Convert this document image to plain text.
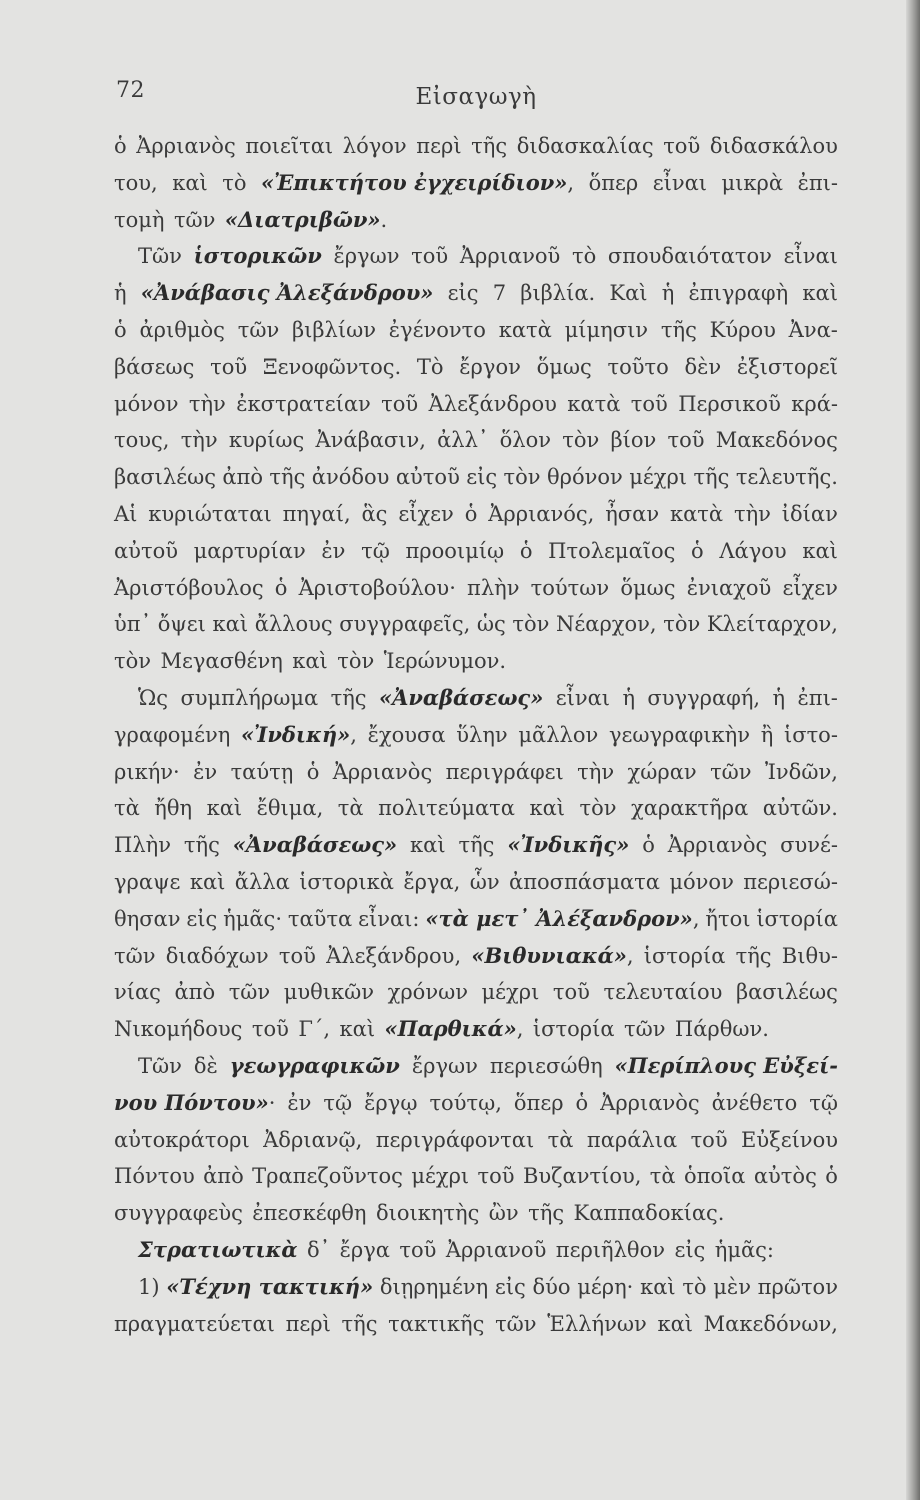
72	Εἰσαγωγὴ
ὁ Ἀρριανὸς ποιεῖται λόγον περὶ τῆς διδασκαλίας τοῦ διδασκάλου
του, καὶ τὸ «Ἐπικτήτου ἐγχειρίδιον», ὅπερ εἶναι μικρὰ ἐπι-
τομὴ τῶν «Διατριβῶν».
Τῶν ἱστορικῶν ἔργων τοῦ Ἀρριανοῦ τὸ σπουδαιότατον εἶναι
ἡ «Ἀνάβασις Ἀλεξάνδρου» εἰς 7 βιβλία. Καὶ ἡ ἐπιγραφὴ καὶ
ὁ ἀριθμὸς τῶν βιβλίων ἐγένοντο κατὰ μίμησιν τῆς Κύρου Ἀνα-
βάσεως τοῦ Ξενοφῶντος. Τὸ ἔργον ὅμως τοῦτο δὲν ἐξιστορεῖ
μόνον τὴν ἐκστρατείαν τοῦ Ἀλεξάνδρου κατὰ τοῦ Περσικοῦ κρά-
τους, τὴν κυρίως Ἀνάβασιν, ἀλλ᾽ ὅλον τὸν βίον τοῦ Μακεδόνος
βασιλέως ἀπὸ τῆς ἀνόδου αὐτοῦ εἰς τὸν θρόνον μέχρι τῆς τελευτῆς.
Αἱ κυριώταται πηγαί, ἃς εἶχεν ὁ Ἀρριανός, ἦσαν κατὰ τὴν ἰδίαν
αὐτοῦ μαρτυρίαν ἐν τῷ προοιμίῳ ὁ Πτολεμαῖος ὁ Λάγου καὶ
Ἀριστόβουλος ὁ Ἀριστοβούλου· πλὴν τούτων ὅμως ἐνιαχοῦ εἶχεν
ὑπ᾽ ὄψει καὶ ἄλλους συγγραφεῖς, ὡς τὸν Νέαρχον, τὸν Κλείταρχον,
τὸν Μεγασθένη καὶ τὸν Ἱερώνυμον.
Ὡς συμπλήρωμα τῆς «Ἀναβάσεως» εἶναι ἡ συγγραφή, ἡ ἐπι-
γραφομένη «Ἰνδική», ἔχουσα ὕλην μᾶλλον γεωγραφικὴν ἢ ἱστο-
ρικήν· ἐν ταύτῃ ὁ Ἀρριανὸς περιγράφει τὴν χώραν τῶν Ἰνδῶν,
τὰ ἤθη καὶ ἔθιμα, τὰ πολιτεύματα καὶ τὸν χαρακτῆρα αὐτῶν.
Πλὴν τῆς «Ἀναβάσεως» καὶ τῆς «Ἰνδικῆς» ὁ Ἀρριανὸς συνέ-
γραψε καὶ ἄλλα ἱστορικὰ ἔργα, ὧν ἀποσπάσματα μόνον περιεσώ-
θησαν εἰς ἡμᾶς· ταῦτα εἶναι: «τὰ μετ᾽ Ἀλέξανδρον», ἤτοι ἱστορία
τῶν διαδόχων τοῦ Ἀλεξάνδρου, «Βιθυνιακά», ἱστορία τῆς Βιθυ-
νίας ἀπὸ τῶν μυθικῶν χρόνων μέχρι τοῦ τελευταίου βασιλέως
Νικομήδους τοῦ Γ´, καὶ «Παρθικά», ἱστορία τῶν Πάρθων.
Τῶν δὲ γεωγραφικῶν ἔργων περιεσώθη «Περίπλους Εὐξεί-
νου Πόντου»· ἐν τῷ ἔργῳ τούτῳ, ὅπερ ὁ Ἀρριανὸς ἀνέθετο τῷ
αὐτοκράτορι Ἀδριανῷ, περιγράφονται τὰ παράλια τοῦ Εὐξείνου
Πόντου ἀπὸ Τραπεζοῦντος μέχρι τοῦ Βυζαντίου, τὰ ὁποῖα αὐτὸς ὁ
συγγραφεὺς ἐπεσκέφθη διοικητὴς ὢν τῆς Καππαδοκίας.
Στρατιωτικὰ δ᾽ ἔργα τοῦ Ἀρριανοῦ περιῆλθον εἰς ἡμᾶς:
1) «Τέχνη τακτική» διῃρημένη εἰς δύο μέρη· καὶ τὸ μὲν πρῶτον
πραγματεύεται περὶ τῆς τακτικῆς τῶν Ἑλλήνων καὶ Μακεδόνων,
